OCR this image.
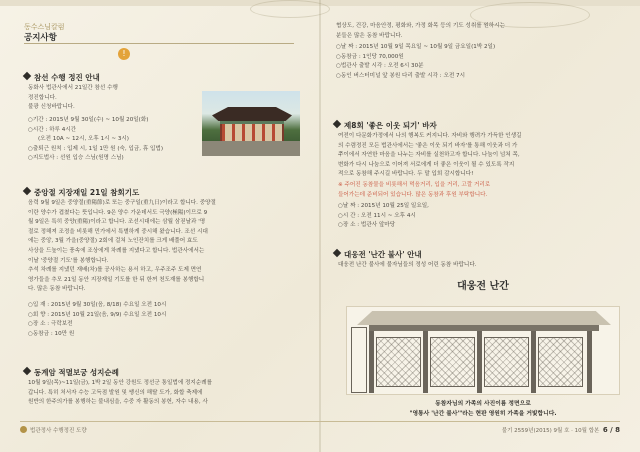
동수스님칼럼
공지사항
!
참선 수행 정진 안내
동화사 법관사에서 21일간 참선 수행
정진합니다.
불광 신청바랍니다.
○기간 : 2015년 9월 30일(수) ~ 10월 20일(화)
○시간 : 하루 4시간
(오전 10A ~ 12시, 오후 1시 ~ 3시)
○출퇴근 원칙 : 입제 시, 1일 1만 원 (숙, 입금, 휴 입법)
○지도법사 : 선원 입승 스님(원명 스님)
중앙절 지장재일 21일 참회기도
음력 9월 9일은 중양절(重陽節)로 또는 중구일(重九日)이라고 합니다. 중양절
이란 양수가 겹쳤다는 뜻입니다. 9은 양수 가운데서도 극양(極陽)이므로 9
월 9일은 특히 중양(重陽)이라고 합니다. 조선시대에는 삼월 삼짇날과 '명
절로 정해져 조정을 비롯해 민가에서 특별하게 중시해 왔습니다. 조선 시대
에는 중앙, 3월 가을(중양절) 2회에 걸쳐 노인잔치를 크게 배풀어 효도
사상을 드높이는 풍속에 조상에게 차례를 지냈다고 합니다. 법관사에서는
이날 '중양절 기도'를 봉행합니다.
추석 차례를 지냈던 재배(차)를 공사하는 용서 하고, 우주조주 도제 면연
영가들을 추모 21일 동안 지장재일 기도를 한 뒤 한꺼 천도재를 봉행합니
다. 많은 동참 바랍니다.
○입 재 : 2015년 9월 30일(음, 8/18) 수요일 오전 10시
○회 향 : 2015년 10월 21일(음, 9/9) 수요일 오전 10시
○장 소 : 극락보전
○동참금 : 10만 원
동계암 적멸보궁 성지순례
10월 9일(목)~11일(금), 1박 2일 동안 강원도 정선군 통일법에 정지순례를
갑니다. 특히 처서자 수능 고득점 발원 및 쌩신의 해탈 도가, 화합 축제에
원반의 한주의가를 봉행하는 불내심을, 수중 자 활동의 봉헌, 자수 내용, 사
협상도, 건강, 마음안정, 평화와, 가정 화목 등의 기도 성취를 원하시는
분들은 많은 동참 바랍니다.
○날 짜 : 2015년 10월 9일 목요일 ~ 10월 9일 금요일(1박 2일)
○동참금 : 1인당 70,000원
○법관사 출발 시각 : 오전 6시 30분
○동인 버스터미널 앞 봉원 다리 출발 시각 : 오전 7시
제8회 '좋은 이웃 되기' 바자
여전이 다문화가정에서 나의 행복도 커지니다. 자비와 행려가 가득한 인생길
의 수렴정진 모든 법관사에서는 '좋은 이웃 되기 바자'를 통해 이웃과 더 가
쭈이에서 자연한 마음을 나누는 자비를 실천하고자 합니다. 나눔이 넘쳐 목,
변화가 다시 나눔으로 이어져 서로에게 더 좋은 이웃이 될 수 있도록 작지
적으로 동참해 주시길 바랍니다. 두 말 입희 감시합니다!
※ 주어진 동참물을 비롯해서 먹음거리, 입을 거리, 고깔 거리로
들어가는데 준비되어 있습니다. 많은 동참과 후원 부탁합니다.
○날 짜 : 2015년 10월 25일 일요일,
○시 간 : 오전 11시 ~ 오후 4시
○장 소 : 법관사 앞마당
대웅전 '난간 불사' 안내
대웅전 난간 불사에 불자님들의 정성 어린 동참 바랍니다.
대웅전 난간
동참자님의 가족의 사진이름 정면으로
"영통사 '난간 불사'"라는 현판 영원히 가족을 거빛합니다.
법관정사 수행정진 도량	불기 2559년(2015) 9월 호 · 10월 합본 6 / 8
